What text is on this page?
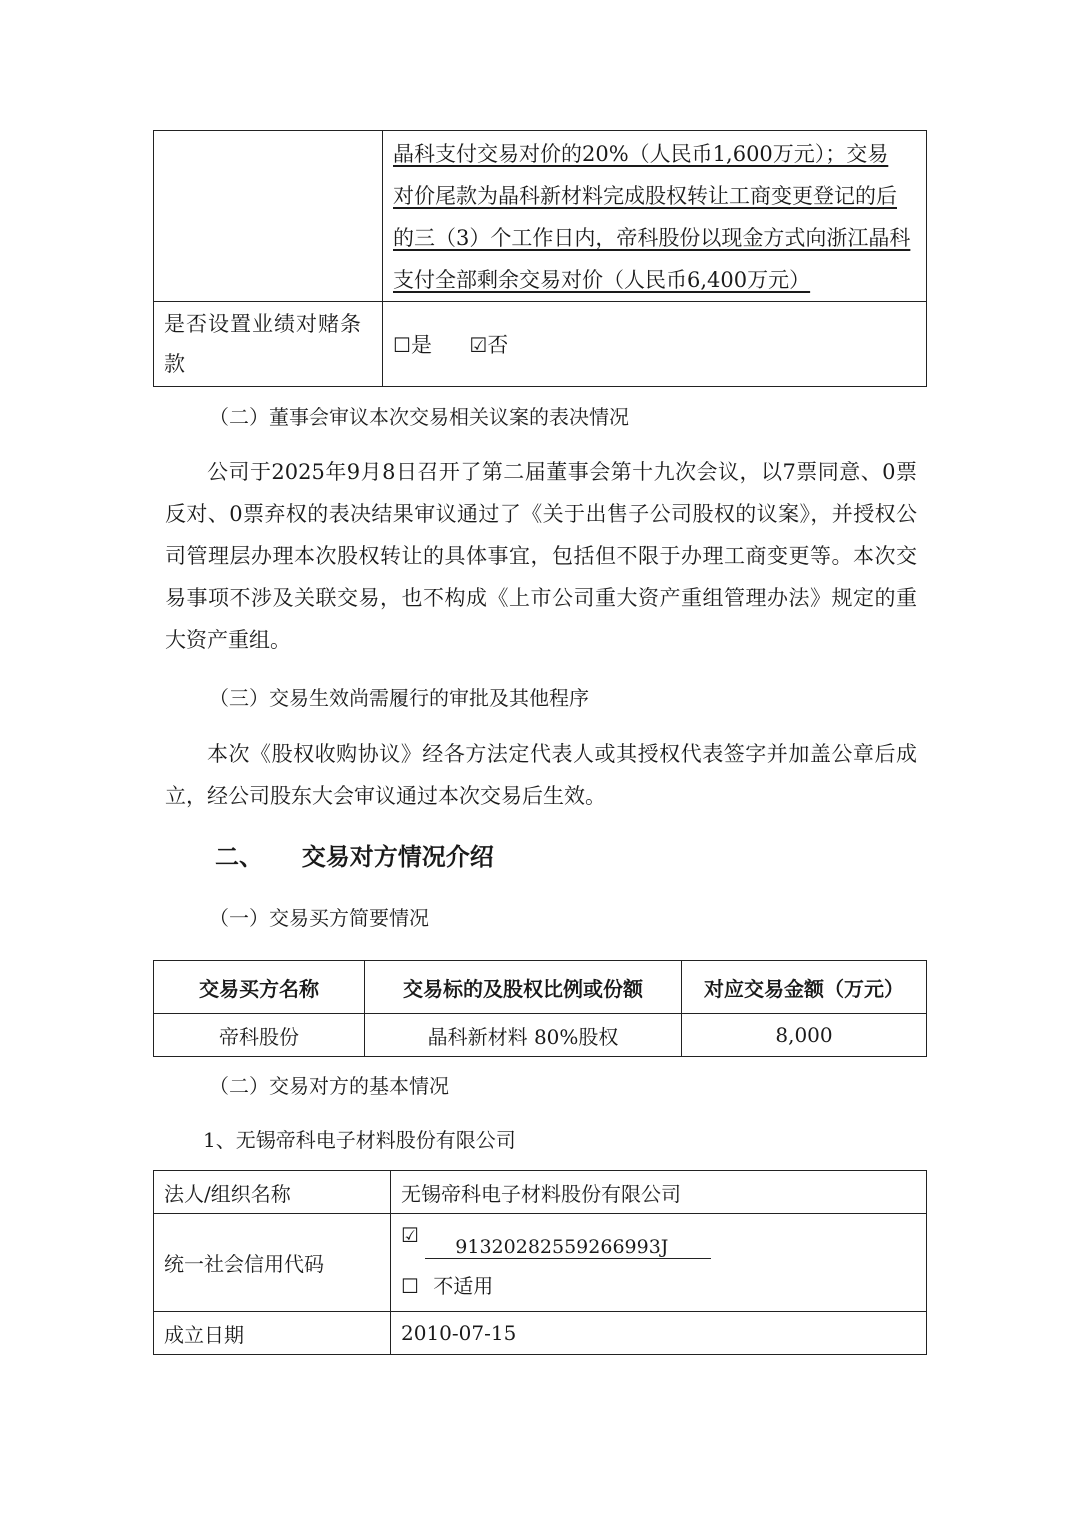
	晶科支付交易对价的20%（人民币1,600万元）；交易
对价尾款为晶科新材料完成股权转让工商变更登记的后
的三（3）个工作日内，帝科股份以现金方式向浙江晶科
支付全部剩余交易对价（人民币6,400万元）

是否设置业绩对赌条款	☐是 ☑否

（二）董事会审议本次交易相关议案的表决情况

公司于2025年9月8日召开了第二届董事会第十九次会议，以7票同意、0票反对、0票弃权的表决结果审议通过了《关于出售子公司股权的议案》，并授权公司管理层办理本次股权转让的具体事宜，包括但不限于办理工商变更等。本次交易事项不涉及关联交易，也不构成《上市公司重大资产重组管理办法》规定的重大资产重组。

（三）交易生效尚需履行的审批及其他程序

本次《股权收购协议》经各方法定代表人或其授权代表签字并加盖公章后成立，经公司股东大会审议通过本次交易后生效。

二、 交易对方情况介绍

（一）交易买方简要情况

交易买方名称	交易标的及股权比例或份额	对应交易金额（万元）
帝科股份	晶科新材料 80%股权	8,000

（二）交易对方的基本情况

1、无锡帝科电子材料股份有限公司

法人/组织名称	无锡帝科电子材料股份有限公司
统一社会信用代码	☑ 91320282559266993J
☐ 不适用

成立日期	2010-07-15
